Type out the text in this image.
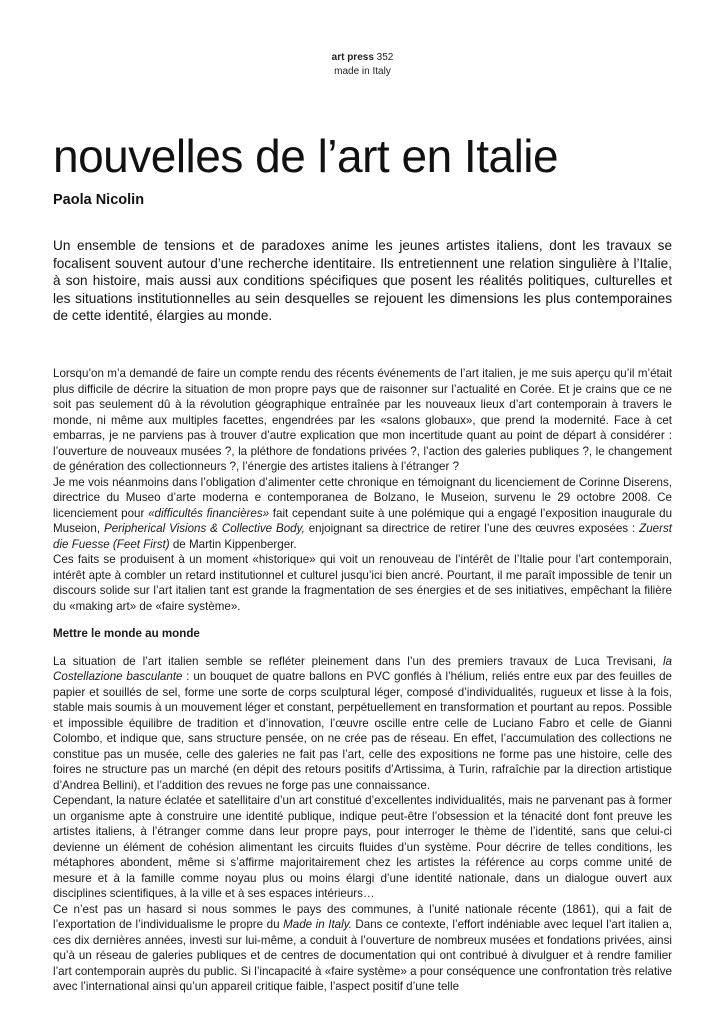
art press 352
made in Italy
nouvelles de l’art en Italie
Paola Nicolin

Un ensemble de tensions et de paradoxes anime les jeunes artistes italiens, dont les travaux se focalisent souvent autour d’une recherche identitaire. Ils entretiennent une relation singulière à l’Italie, à son histoire, mais aussi aux conditions spécifiques que posent les réalités politiques, culturelles et les situations institutionnelles au sein desquelles se rejouent les dimensions les plus contemporaines de cette identité, élargies au monde.

Lorsqu’on m’a demandé de faire un compte rendu des récents événements de l’art italien, je me suis aperçu qu’il m’était plus difficile de décrire la situation de mon propre pays que de raisonner sur l’actualité en Corée. Et je crains que ce ne soit pas seulement dû à la révolution géographique entraînée par les nouveaux lieux d’art contemporain à travers le monde, ni même aux multiples facettes, engendrées par les «salons globaux», que prend la modernité. Face à cet embarras, je ne parviens pas à trouver d’autre explication que mon incertitude quant au point de départ à considérer : l’ouverture de nouveaux musées ?, la pléthore de fondations privées ?, l’action des galeries publiques ?, le changement de génération des collectionneurs ?, l’énergie des artistes italiens à l’étranger ?

Je me vois néanmoins dans l’obligation d’alimenter cette chronique en témoignant du licenciement de Corinne Diserens, directrice du Museo d’arte moderna e contemporanea de Bolzano, le Museion, survenu le 29 octobre 2008. Ce licenciement pour «difficultés financières» fait cependant suite à une polémique qui a engagé l’exposition inaugurale du Museion, Peripherical Visions & Collective Body, enjoignant sa directrice de retirer l’une des œuvres exposées : Zuerst die Fuesse (Feet First) de Martin Kippenberger.

Ces faits se produisent à un moment «historique» qui voit un renouveau de l’intérêt de l’Italie pour l’art contemporain, intérêt apte à combler un retard institutionnel et culturel jusqu’ici bien ancré. Pourtant, il me paraît impossible de tenir un discours solide sur l’art italien tant est grande la fragmentation de ses énergies et de ses initiatives, empêchant la filière du «making art» de «faire système».

Mettre le monde au monde

La situation de l’art italien semble se refléter pleinement dans l’un des premiers travaux de Luca Trevisani, la Costellazione basculante : un bouquet de quatre ballons en PVC gonflés à l’hélium, reliés entre eux par des feuilles de papier et souillés de sel, forme une sorte de corps sculptural léger, composé d’individualités, rugueux et lisse à la fois, stable mais soumis à un mouvement léger et constant, perpétuellement en transformation et pourtant au repos. Possible et impossible équilibre de tradition et d’innovation, l’œuvre oscille entre celle de Luciano Fabro et celle de Gianni Colombo, et indique que, sans structure pensée, on ne crée pas de réseau. En effet, l’accumulation des collections ne constitue pas un musée, celle des galeries ne fait pas l’art, celle des expositions ne forme pas une histoire, celle des foires ne structure pas un marché (en dépit des retours positifs d’Artissima, à Turin, rafraîchie par la direction artistique d’Andrea Bellini), et l’addition des revues ne forge pas une connaissance.

Cependant, la nature éclatée et satellitaire d’un art constitué d’excellentes individualités, mais ne parvenant pas à former un organisme apte à construire une identité publique, indique peut-être l’obsession et la ténacité dont font preuve les artistes italiens, à l’étranger comme dans leur propre pays, pour interroger le thème de l’identité, sans que celui-ci devienne un élément de cohésion alimentant les circuits fluides d’un système. Pour décrire de telles conditions, les métaphores abondent, même si s’affirme majoritairement chez les artistes la référence au corps comme unité de mesure et à la famille comme noyau plus ou moins élargi d’une identité nationale, dans un dialogue ouvert aux disciplines scientifiques, à la ville et à ses espaces intérieurs…

Ce n’est pas un hasard si nous sommes le pays des communes, à l’unité nationale récente (1861), qui a fait de l’exportation de l’individualisme le propre du Made in Italy. Dans ce contexte, l’effort indéniable avec lequel l’art italien a, ces dix dernières années, investi sur lui-même, a conduit à l’ouverture de nombreux musées et fondations privées, ainsi qu’à un réseau de galeries publiques et de centres de documentation qui ont contribué à divulguer et à rendre familier l’art contemporain auprès du public. Si l’incapacité à «faire système» a pour conséquence une confrontation très relative avec l’international ainsi qu’un appareil critique faible, l’aspect positif d’une telle
